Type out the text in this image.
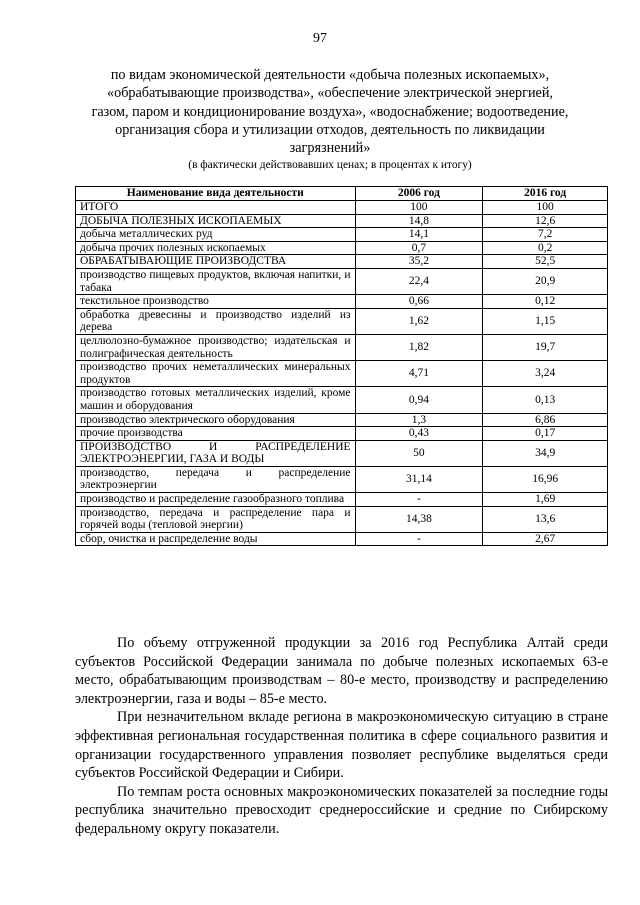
97
по видам экономической деятельности «добыча полезных ископаемых», «обрабатывающие производства», «обеспечение электрической энергией, газом, паром и кондиционирование воздуха», «водоснабжение; водоотведение, организация сбора и утилизации отходов, деятельность по ликвидации загрязнений»
(в фактически действовавших ценах; в процентах к итогу)
Наименование вида деятельности	2006 год	2016 год
ИТОГО	100	100
ДОБЫЧА ПОЛЕЗНЫХ ИСКОПАЕМЫХ	14,8	12,6
добыча металлических руд	14,1	7,2
добыча прочих полезных ископаемых	0,7	0,2
ОБРАБАТЫВАЮЩИЕ ПРОИЗВОДСТВА	35,2	52,5
производство пищевых продуктов, включая напитки, и табака	22,4	20,9
текстильное производство	0,66	0,12
обработка древесины и производство изделий из дерева	1,62	1,15
целлюлозно-бумажное производство; издательская и полиграфическая деятельность	1,82	19,7
производство прочих неметаллических минеральных продуктов	4,71	3,24
производство готовых металлических изделий, кроме машин и оборудования	0,94	0,13
производство электрического оборудования	1,3	6,86
прочие производства	0,43	0,17
ПРОИЗВОДСТВО И РАСПРЕДЕЛЕНИЕ ЭЛЕКТРОЭНЕРГИИ, ГАЗА И ВОДЫ	50	34,9
производство, передача и распределение электроэнергии	31,14	16,96
производство и распределение газообразного топлива	-	1,69
производство, передача и распределение пара и горячей воды (тепловой энергии)	14,38	13,6
сбор, очистка и распределение воды	-	2,67

По объему отгруженной продукции за 2016 год Республика Алтай среди субъектов Российской Федерации занимала по добыче полезных ископаемых 63-е место, обрабатывающим производствам – 80-е место, производству и распределению электроэнергии, газа и воды – 85-е место.

При незначительном вкладе региона в макроэкономическую ситуацию в стране эффективная региональная государственная политика в сфере социального развития и организации государственного управления позволяет республике выделяться среди субъектов Российской Федерации и Сибири.

По темпам роста основных макроэкономических показателей за последние годы республика значительно превосходит среднероссийские и средние по Сибирскому федеральному округу показатели.
